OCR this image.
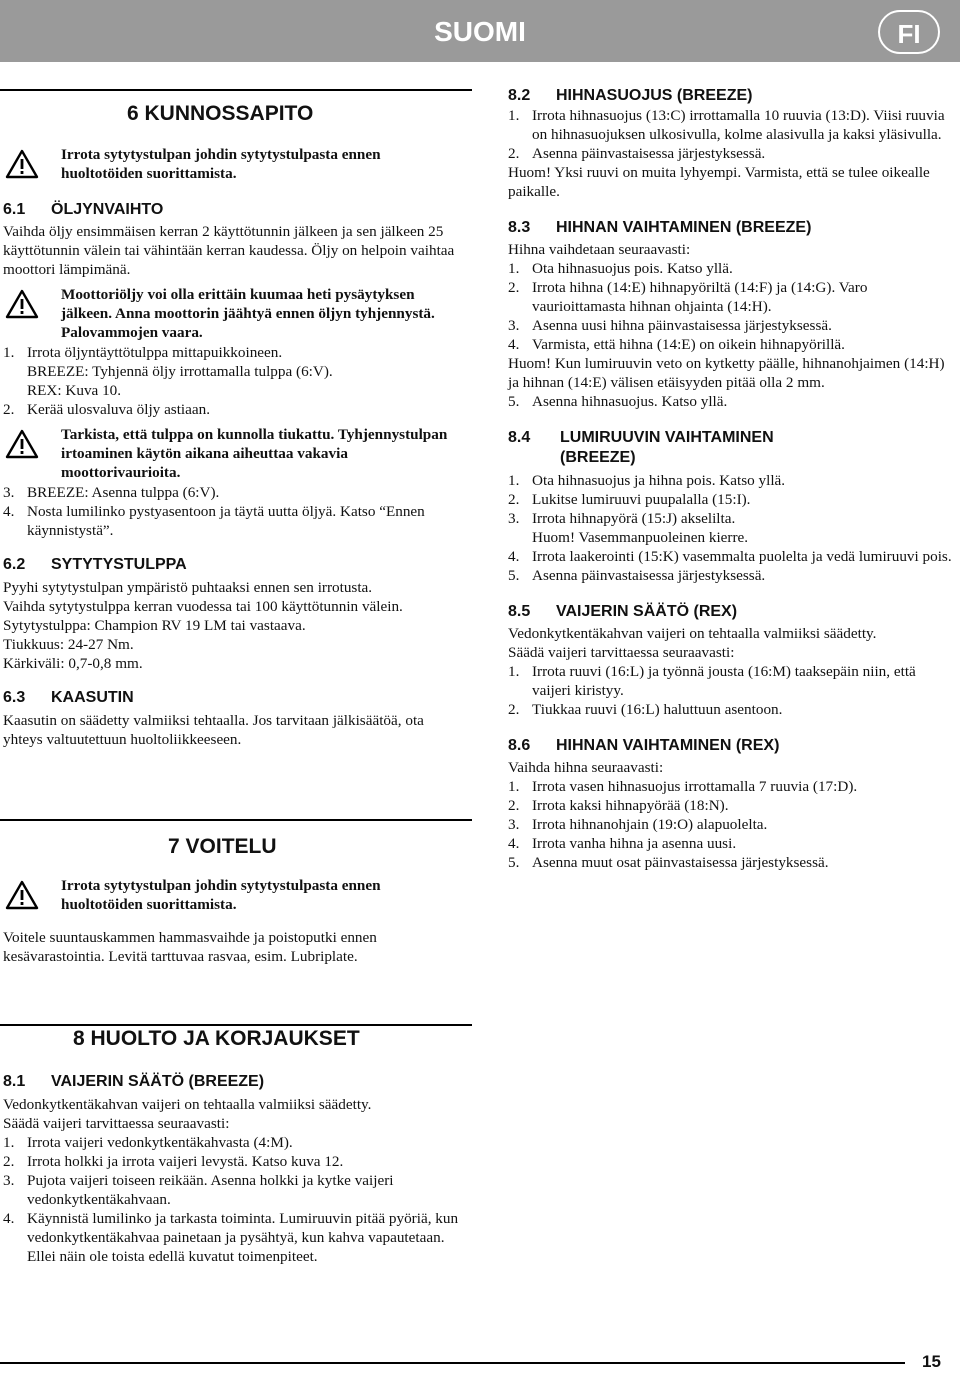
SUOMI	FI
6 KUNNOSSAPITO
Irrota sytytystulpan johdin sytytystulpasta ennen huoltotöiden suorittamista.
6.1 ÖLJYNVAIHTO
Vaihda öljy ensimmäisen kerran 2 käyttötunnin jälkeen ja sen jälkeen 25 käyttötunnin välein tai vähintään kerran kaudessa. Öljy on helpoin vaihtaa moottori lämpimänä.
Moottoriöljy voi olla erittäin kuumaa heti pysäytyksen jälkeen. Anna moottorin jäähtyä ennen öljyn tyhjennystä. Palovammojen vaara.
1. Irrota öljyntäyttötulppa mittapuikkoineen.
BREEZE: Tyhjennä öljy irrottamalla tulppa (6:V).
REX: Kuva 10.
2. Kerää ulosvaluva öljy astiaan.
Tarkista, että tulppa on kunnolla tiukattu. Tyhjennystulpan irtoaminen käytön aikana aiheuttaa vakavia moottorivaurioita.
3. BREEZE: Asenna tulppa (6:V).
4. Nosta lumilinko pystyasentoon ja täytä uutta öljyä. Katso “Ennen käynnistystä”.
6.2 SYTYTYSTULPPA
Pyyhi sytytystulpan ympäristö puhtaaksi ennen sen irrotusta.
Vaihda sytytystulppa kerran vuodessa tai 100 käyttötunnin välein.
Sytytystulppa: Champion RV 19 LM tai vastaava.
Tiukkuus: 24-27 Nm.
Kärkiväli: 0,7-0,8 mm.
6.3 KAASUTIN
Kaasutin on säädetty valmiiksi tehtaalla. Jos tarvitaan jälkisäätöä, ota yhteys valtuutettuun huoltoliikkeeseen.
7 VOITELU
Irrota sytytystulpan johdin sytytystulpasta ennen huoltotöiden suorittamista.
Voitele suuntauskammen hammasvaihde ja poistoputki ennen kesävarastointia. Levitä tarttuvaa rasvaa, esim. Lubriplate.
8 HUOLTO JA KORJAUKSET
8.1 VAIJERIN SÄÄTÖ (BREEZE)
Vedonkytkentäkahvan vaijeri on tehtaalla valmiiksi säädetty.
Säädä vaijeri tarvittaessa seuraavasti:
1. Irrota vaijeri vedonkytkentäkahvasta (4:M).
2. Irrota holkki ja irrota vaijeri levystä. Katso kuva 12.
3. Pujota vaijeri toiseen reikään. Asenna holkki ja kytke vaijeri vedonkytkentäkahvaan.
4. Käynnistä lumilinko ja tarkasta toiminta. Lumiruuvin pitää pyöriä, kun vedonkytkentäkahvaa painetaan ja pysähtyä, kun kahva vapautetaan. Ellei näin ole toista edellä kuvatut toimenpiteet.
8.2 HIHNASUOJUS (BREEZE)
1. Irrota hihnasuojus (13:C) irrottamalla 10 ruuvia (13:D). Viisi ruuvia on hihnasuojuksen ulkosivulla, kolme alasivulla ja kaksi yläsivulla.
2. Asenna päinvastaisessa järjestyksessä.
Huom! Yksi ruuvi on muita lyhyempi. Varmista, että se tulee oikealle paikalle.
8.3 HIHNAN VAIHTAMINEN (BREEZE)
Hihna vaihdetaan seuraavasti:
1. Ota hihnasuojus pois. Katso yllä.
2. Irrota hihna (14:E) hihnapyöriltä (14:F) ja (14:G). Varo vaurioittamasta hihnan ohjainta (14:H).
3. Asenna uusi hihna päinvastaisessa järjestyksessä.
4. Varmista, että hihna (14:E) on oikein hihnapyörillä.
Huom! Kun lumiruuvin veto on kytketty päälle, hihnanohjaimen (14:H) ja hihnan (14:E) välisen etäisyyden pitää olla 2 mm.
5. Asenna hihnasuojus. Katso yllä.
8.4	LUMIRUUVIN VAIHTAMINEN (BREEZE)
1. Ota hihnasuojus ja hihna pois. Katso yllä.
2. Lukitse lumiruuvi puupalalla (15:I).
3. Irrota hihnapyörä (15:J) akselilta.
Huom! Vasemmanpuoleinen kierre.
4. Irrota laakerointi (15:K) vasemmalta puolelta ja vedä lumiruuvi pois.
5. Asenna päinvastaisessa järjestyksessä.
8.5 VAIJERIN SÄÄTÖ (REX)
Vedonkytkentäkahvan vaijeri on tehtaalla valmiiksi säädetty.
Säädä vaijeri tarvittaessa seuraavasti:
1. Irrota ruuvi (16:L) ja työnnä jousta (16:M) taaksepäin niin, että vaijeri kiristyy.
2. Tiukkaa ruuvi (16:L) haluttuun asentoon.
8.6 HIHNAN VAIHTAMINEN (REX)
Vaihda hihna seuraavasti:
1. Irrota vasen hihnasuojus irrottamalla 7 ruuvia (17:D).
2. Irrota kaksi hihnapyörää (18:N).
3. Irrota hihnanohjain (19:O) alapuolelta.
4. Irrota vanha hihna ja asenna uusi.
5. Asenna muut osat päinvastaisessa järjestyksessä.
15
